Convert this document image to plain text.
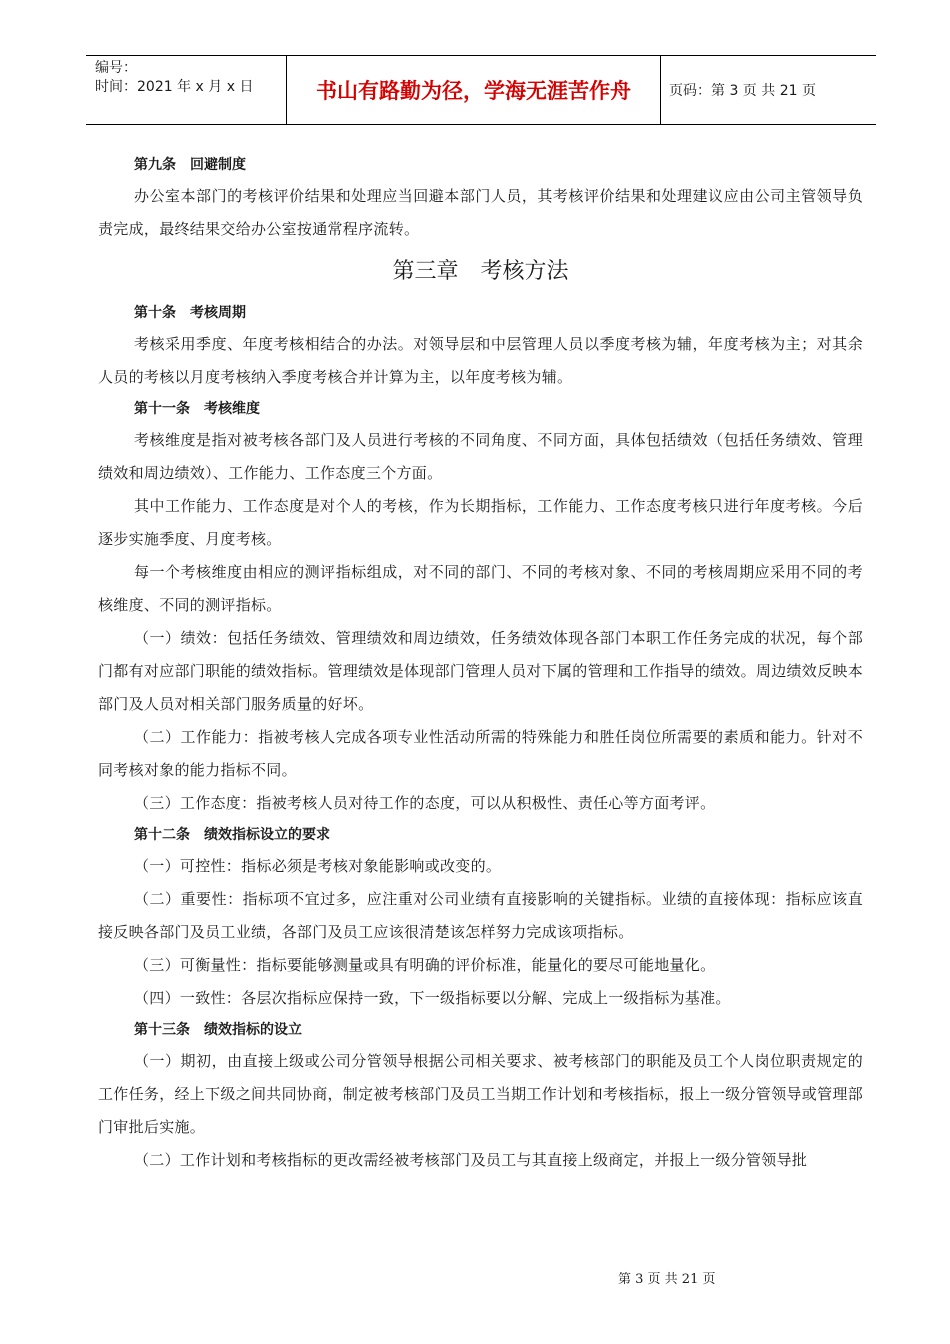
编号：
时间：2021 年 x 月 x 日	书山有路勤为径，学海无涯苦作舟	页码：第 3 页 共 21 页
第九条　回避制度

办公室本部门的考核评价结果和处理应当回避本部门人员，其考核评价结果和处理建议应由公司主管领导负责完成，最终结果交给办公室按通常程序流转。

第三章　考核方法
第十条　考核周期

考核采用季度、年度考核相结合的办法。对领导层和中层管理人员以季度考核为辅，年度考核为主；对其余人员的考核以月度考核纳入季度考核合并计算为主，以年度考核为辅。

第十一条　考核维度

考核维度是指对被考核各部门及人员进行考核的不同角度、不同方面，具体包括绩效（包括任务绩效、管理绩效和周边绩效）、工作能力、工作态度三个方面。

其中工作能力、工作态度是对个人的考核，作为长期指标，工作能力、工作态度考核只进行年度考核。今后逐步实施季度、月度考核。

每一个考核维度由相应的测评指标组成，对不同的部门、不同的考核对象、不同的考核周期应采用不同的考核维度、不同的测评指标。

（一）绩效：包括任务绩效、管理绩效和周边绩效，任务绩效体现各部门本职工作任务完成的状况，每个部门都有对应部门职能的绩效指标。管理绩效是体现部门管理人员对下属的管理和工作指导的绩效。周边绩效反映本部门及人员对相关部门服务质量的好坏。

（二）工作能力：指被考核人完成各项专业性活动所需的特殊能力和胜任岗位所需要的素质和能力。针对不同考核对象的能力指标不同。

（三）工作态度：指被考核人员对待工作的态度，可以从积极性、责任心等方面考评。

第十二条　绩效指标设立的要求

（一）可控性：指标必须是考核对象能影响或改变的。

（二）重要性：指标项不宜过多，应注重对公司业绩有直接影响的关键指标。业绩的直接体现：指标应该直接反映各部门及员工业绩，各部门及员工应该很清楚该怎样努力完成该项指标。

（三）可衡量性：指标要能够测量或具有明确的评价标准，能量化的要尽可能地量化。

（四）一致性：各层次指标应保持一致，下一级指标要以分解、完成上一级指标为基准。

第十三条　绩效指标的设立

（一）期初，由直接上级或公司分管领导根据公司相关要求、被考核部门的职能及员工个人岗位职责规定的工作任务，经上下级之间共同协商，制定被考核部门及员工当期工作计划和考核指标，报上一级分管领导或管理部门审批后实施。

（二）工作计划和考核指标的更改需经被考核部门及员工与其直接上级商定，并报上一级分管领导批

第 3 页 共 21 页
